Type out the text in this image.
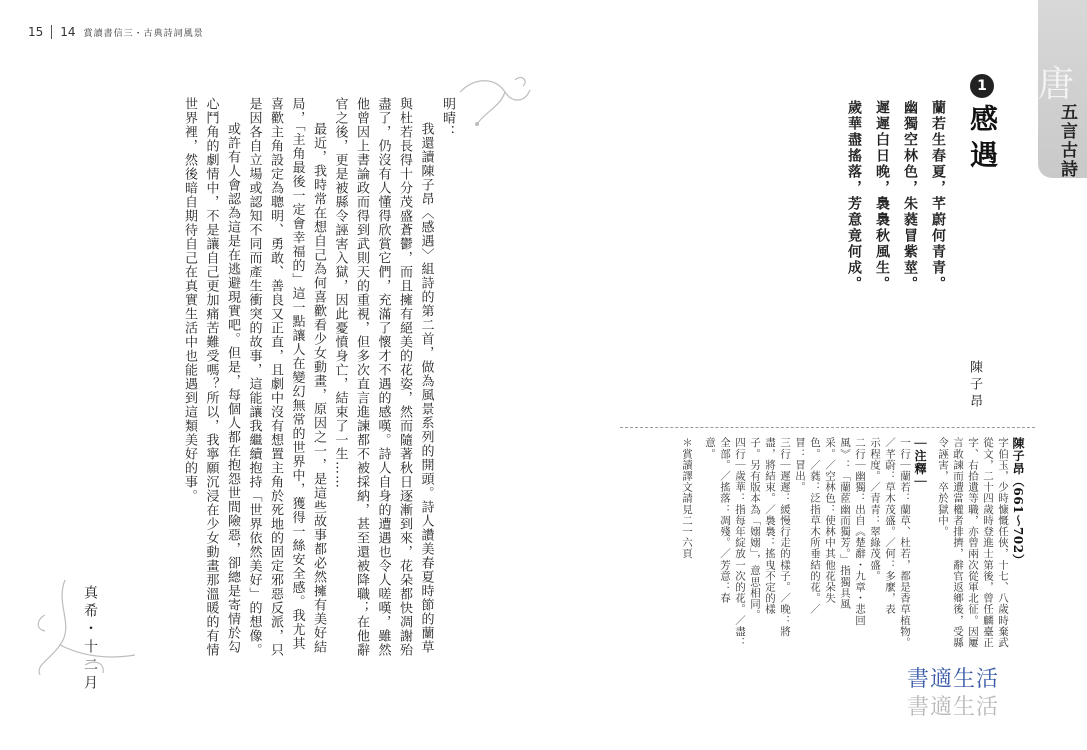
15 14 賞讀書信三・古典詩詞風景
唐
五言古詩
1
感遇
蘭若生春夏，芊蔚何青青。
幽獨空林色，朱蕤冒紫莖。
遲遲白日晚，裊裊秋風生。
歲華盡搖落，芳意竟何成。
陳子昂

陳子昂（661～702）

字伯玉，少時慷慨任俠，十七、八歲時棄武

從文，二十四歲時登進士第後，曾任麟臺正

字、右拾遺等職，亦曾兩次從軍北征。因屢

言敢諫而遭當權者排擠，辭官返鄉後，受縣

令誣害，卒於獄中。

｜注釋｜

一行｜蘭若：蘭草、杜若，都是香草植物。

／芊蔚：草木茂盛。／何：多麼，表

示程度。／青青：翠綠茂盛。

二行｜幽獨：出自《楚辭・九章・悲回

風》：「蘭茝幽而獨芳。」指獨具風

采。／空林色：使林中其他花朵失

色。／蕤：泛指草木所垂結的花。／

冒：冒出。

三行｜遲遲：緩慢行走的樣子。／晚：將

盡，將結束。／裊裊：搖曳不定的樣

子。另有版本為「嫋嫋」，意思相同。

四行｜歲華：指每年綻放一次的花。／盡：

全部。／搖落：凋殘。／芳意：春

意。

＊賞讀譯文請見二一六頁

明晴：

我還讀陳子昂〈感遇〉組詩的第二首，做為風景系列的開頭。詩人讚美春夏時節的蘭草與杜若長得十分茂盛蒼鬱，而且擁有絕美的花姿，然而隨著秋日逐漸到來，花朵都快凋謝殆盡了，仍沒有人懂得欣賞它們，充滿了懷才不遇的感嘆。詩人自身的遭遇也令人嗟嘆，雖然他曾因上書論政而得到武則天的重視，但多次直言進諫都不被採納，甚至還被降職；在他辭官之後，更是被縣令誣害入獄，因此憂憤身亡，結束了一生……

最近，我時常在想自己為何喜歡看少女動畫，原因之一，是這些故事都必然擁有美好結局，「主角最後一定會幸福的」這一點讓人在變幻無常的世界中，獲得一絲安全感。我尤其喜歡主角設定為聰明、勇敢、善良又正直，且劇中沒有想置主角於死地的固定邪惡反派，只是因各自立場或認知不同而產生衝突的故事，這能讓我繼續抱持「世界依然美好」的想像。

或許有人會認為這是在逃避現實吧。但是，每個人都在抱怨世間險惡，卻總是寄情於勾心鬥角的劇情中，不是讓自己更加痛苦難受嗎？所以，我寧願沉浸在少女動畫那溫暖的有情世界裡，然後暗自期待自己在真實生活中也能遇到這類美好的事。

真希・十二月	書適生活
書適生活
